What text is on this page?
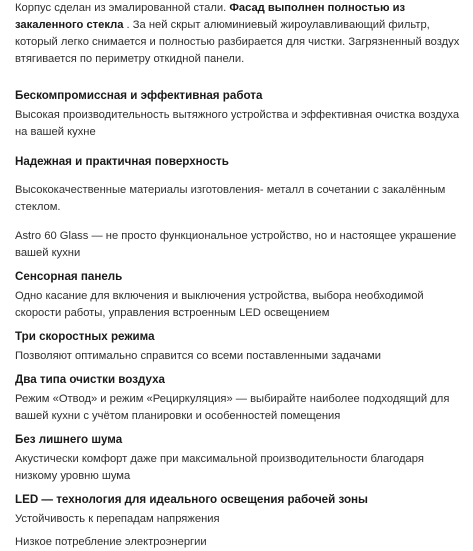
Корпус сделан из эмалированной стали. Фасад выполнен полностью из закаленного стекла . За ней скрыт алюминиевый жироулавливающий фильтр, который легко снимается и полностью разбирается для чистки. Загрязненный воздух втягивается по периметру откидной панели.

Бескомпромиссная и эффективная работа

Высокая производительность вытяжного устройства и эффективная очистка воздуха на вашей кухне

Надежная и практичная поверхность

Высококачественные материалы изготовления- металл в сочетании с закалённым стеклом.

Astro 60 Glass — не просто функциональное устройство, но и настоящее украшение вашей кухни

Сенсорная панель

Одно касание для включения и выключения устройства, выбора необходимой скорости работы, управления встроенным LED освещением

Три скоростных режима

Позволяют оптимально справится со всеми поставленными задачами

Два типа очистки воздуха

Режим «Отвод» и режим «Рециркуляция» — выбирайте наиболее подходящий для вашей кухни с учётом планировки и особенностей помещения

Без лишнего шума

Акустически комфорт даже при максимальной производительности благодаря низкому уровню шума

LED — технология для идеального освещения рабочей зоны

Устойчивость к перепадам напряжения

Низкое потребление электроэнергии
